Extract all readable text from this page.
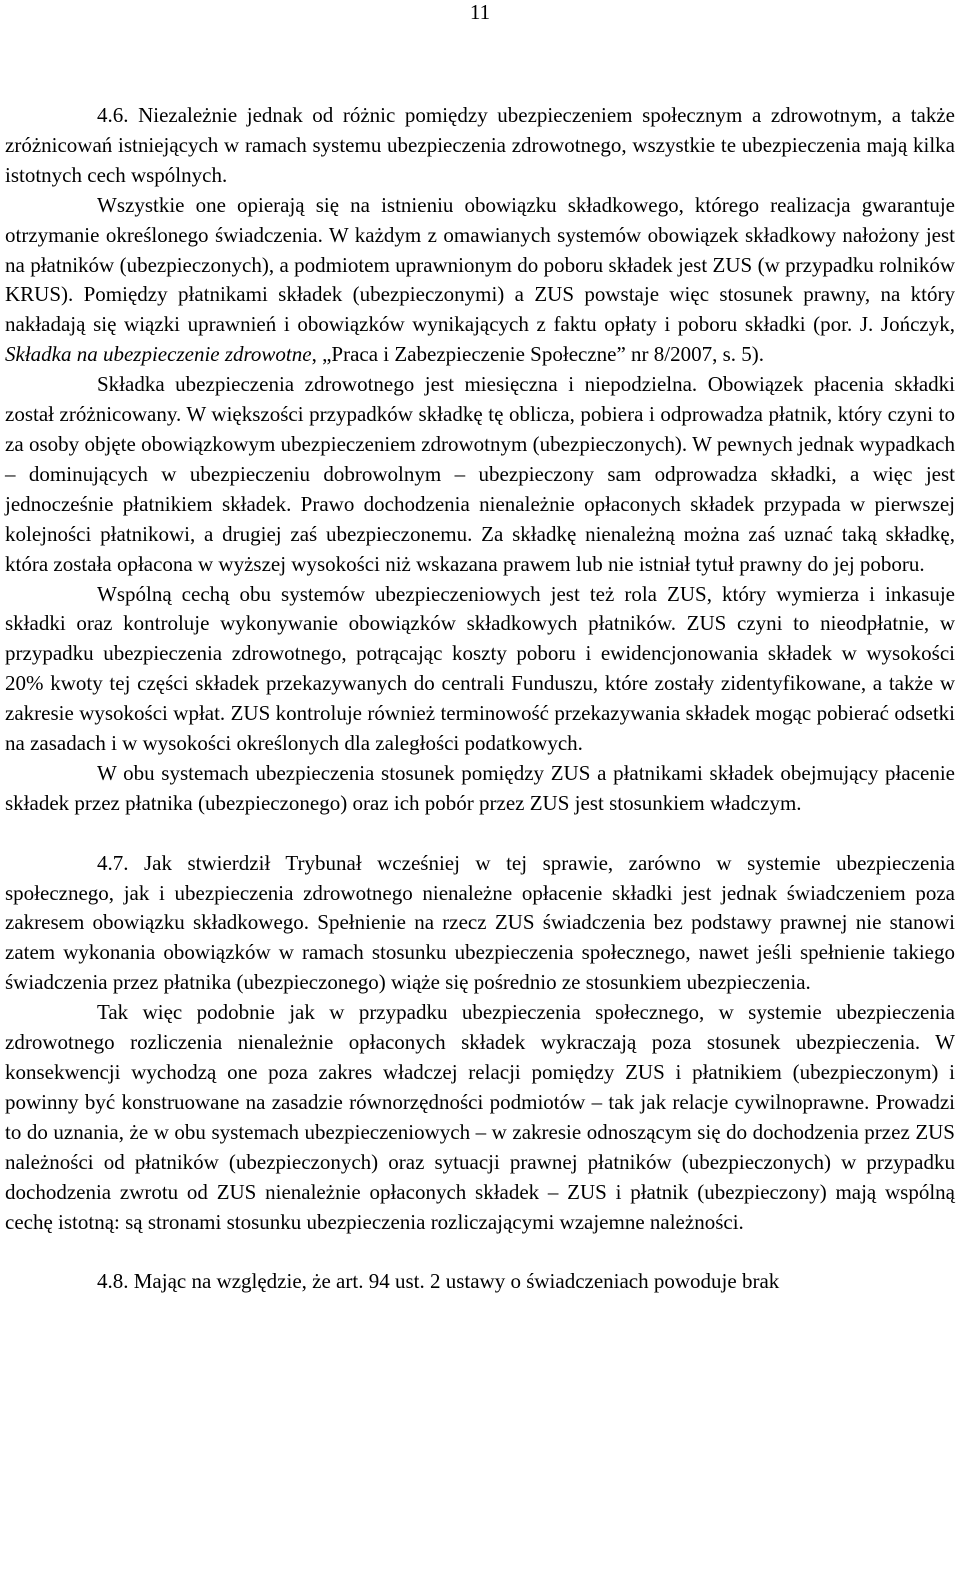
11

4.6. Niezależnie jednak od różnic pomiędzy ubezpieczeniem społecznym a zdrowotnym, a także zróżnicowań istniejących w ramach systemu ubezpieczenia zdrowotnego, wszystkie te ubezpieczenia mają kilka istotnych cech wspólnych.

Wszystkie one opierają się na istnieniu obowiązku składkowego, którego realizacja gwarantuje otrzymanie określonego świadczenia. W każdym z omawianych systemów obowiązek składkowy nałożony jest na płatników (ubezpieczonych), a podmiotem uprawnionym do poboru składek jest ZUS (w przypadku rolników KRUS). Pomiędzy płatnikami składek (ubezpieczonymi) a ZUS powstaje więc stosunek prawny, na który nakładają się wiązki uprawnień i obowiązków wynikających z faktu opłaty i poboru składki (por. J. Jończyk, Składka na ubezpieczenie zdrowotne, „Praca i Zabezpieczenie Społeczne” nr 8/2007, s. 5).

Składka ubezpieczenia zdrowotnego jest miesięczna i niepodzielna. Obowiązek płacenia składki został zróżnicowany. W większości przypadków składkę tę oblicza, pobiera i odprowadza płatnik, który czyni to za osoby objęte obowiązkowym ubezpieczeniem zdrowotnym (ubezpieczonych). W pewnych jednak wypadkach – dominujących w ubezpieczeniu dobrowolnym – ubezpieczony sam odprowadza składki, a więc jest jednocześnie płatnikiem składek. Prawo dochodzenia nienależnie opłaconych składek przypada w pierwszej kolejności płatnikowi, a drugiej zaś ubezpieczonemu. Za składkę nienależną można zaś uznać taką składkę, która została opłacona w wyższej wysokości niż wskazana prawem lub nie istniał tytuł prawny do jej poboru.

Wspólną cechą obu systemów ubezpieczeniowych jest też rola ZUS, który wymierza i inkasuje składki oraz kontroluje wykonywanie obowiązków składkowych płatników. ZUS czyni to nieodpłatnie, w przypadku ubezpieczenia zdrowotnego, potrącając koszty poboru i ewidencjonowania składek w wysokości 20% kwoty tej części składek przekazywanych do centrali Funduszu, które zostały zidentyfikowane, a także w zakresie wysokości wpłat. ZUS kontroluje również terminowość przekazywania składek mogąc pobierać odsetki na zasadach i w wysokości określonych dla zaległości podatkowych.

W obu systemach ubezpieczenia stosunek pomiędzy ZUS a płatnikami składek obejmujący płacenie składek przez płatnika (ubezpieczonego) oraz ich pobór przez ZUS jest stosunkiem władczym.

4.7. Jak stwierdził Trybunał wcześniej w tej sprawie, zarówno w systemie ubezpieczenia społecznego, jak i ubezpieczenia zdrowotnego nienależne opłacenie składki jest jednak świadczeniem poza zakresem obowiązku składkowego. Spełnienie na rzecz ZUS świadczenia bez podstawy prawnej nie stanowi zatem wykonania obowiązków w ramach stosunku ubezpieczenia społecznego, nawet jeśli spełnienie takiego świadczenia przez płatnika (ubezpieczonego) wiąże się pośrednio ze stosunkiem ubezpieczenia.

Tak więc podobnie jak w przypadku ubezpieczenia społecznego, w systemie ubezpieczenia zdrowotnego rozliczenia nienależnie opłaconych składek wykraczają poza stosunek ubezpieczenia. W konsekwencji wychodzą one poza zakres władczej relacji pomiędzy ZUS i płatnikiem (ubezpieczonym) i powinny być konstruowane na zasadzie równorzędności podmiotów – tak jak relacje cywilnoprawne. Prowadzi to do uznania, że w obu systemach ubezpieczeniowych – w zakresie odnoszącym się do dochodzenia przez ZUS należności od płatników (ubezpieczonych) oraz sytuacji prawnej płatników (ubezpieczonych) w przypadku dochodzenia zwrotu od ZUS nienależnie opłaconych składek – ZUS i płatnik (ubezpieczony) mają wspólną cechę istotną: są stronami stosunku ubezpieczenia rozliczającymi wzajemne należności.

4.8. Mając na względzie, że art. 94 ust. 2 ustawy o świadczeniach powoduje brak
